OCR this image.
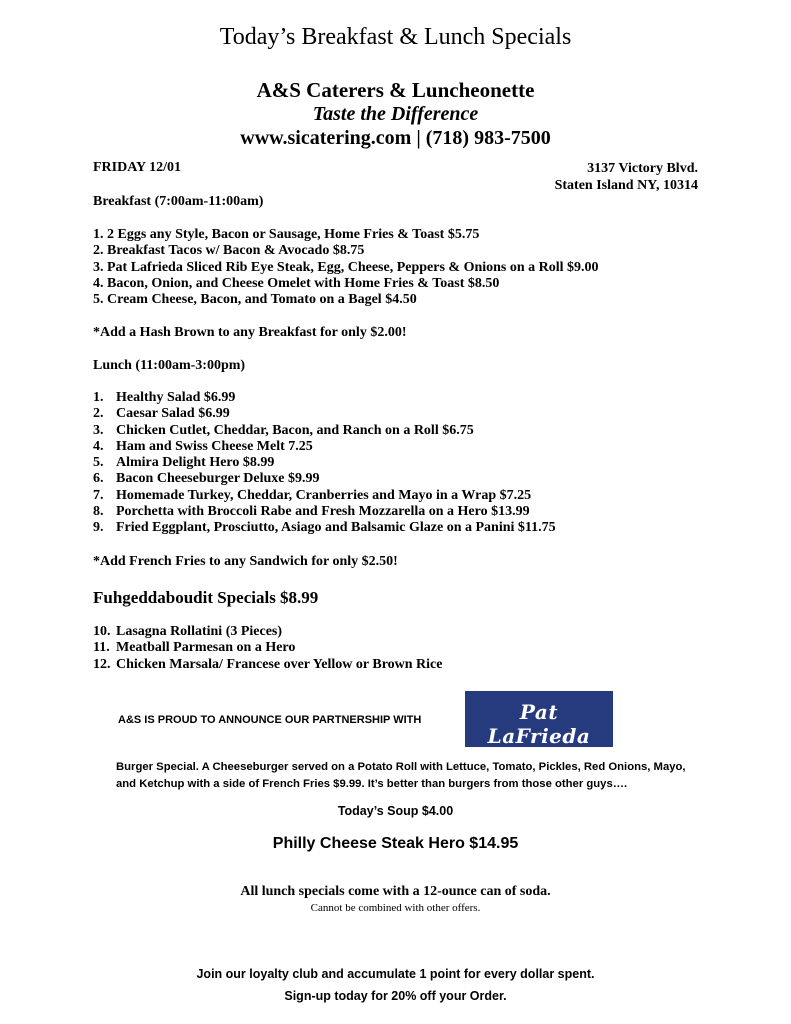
Today’s Breakfast & Lunch Specials
A&S Caterers & Luncheonette
Taste the Difference
www.sicatering.com | (718) 983-7500
FRIDAY 12/01	3137 Victory Blvd.
Staten Island NY, 10314
Breakfast (7:00am-11:00am)
1. 2 Eggs any Style, Bacon or Sausage, Home Fries & Toast $5.75
2. Breakfast Tacos w/ Bacon & Avocado $8.75
3. Pat Lafrieda Sliced Rib Eye Steak, Egg, Cheese, Peppers & Onions on a Roll $9.00
4. Bacon, Onion, and Cheese Omelet with Home Fries & Toast $8.50
5. Cream Cheese, Bacon, and Tomato on a Bagel $4.50
*Add a Hash Brown to any Breakfast for only $2.00!
Lunch (11:00am-3:00pm)
1. Healthy Salad $6.99
2. Caesar Salad $6.99
3. Chicken Cutlet, Cheddar, Bacon, and Ranch on a Roll $6.75
4. Ham and Swiss Cheese Melt 7.25
5. Almira Delight Hero $8.99
6. Bacon Cheeseburger Deluxe $9.99
7. Homemade Turkey, Cheddar, Cranberries and Mayo in a Wrap $7.25
8. Porchetta with Broccoli Rabe and Fresh Mozzarella on a Hero $13.99
9. Fried Eggplant, Prosciutto, Asiago and Balsamic Glaze on a Panini $11.75
*Add French Fries to any Sandwich for only $2.50!
Fuhgeddaboudit Specials $8.99
10. Lasagna Rollatini (3 Pieces)
11. Meatball Parmesan on a Hero
12. Chicken Marsala/ Francese over Yellow or Brown Rice
A&S IS PROUD TO ANNOUNCE OUR PARTNERSHIP WITH	Pat LaFrieda
MEAT PURVEYORS®
Burger Special. A Cheeseburger served on a Potato Roll with Lettuce, Tomato, Pickles, Red Onions, Mayo,
and Ketchup with a side of French Fries $9.99. It’s better than burgers from those other guys….
Today’s Soup $4.00
Philly Cheese Steak Hero $14.95
All lunch specials come with a 12-ounce can of soda.
Cannot be combined with other offers.
Join our loyalty club and accumulate 1 point for every dollar spent.
Sign-up today for 20% off your Order.
